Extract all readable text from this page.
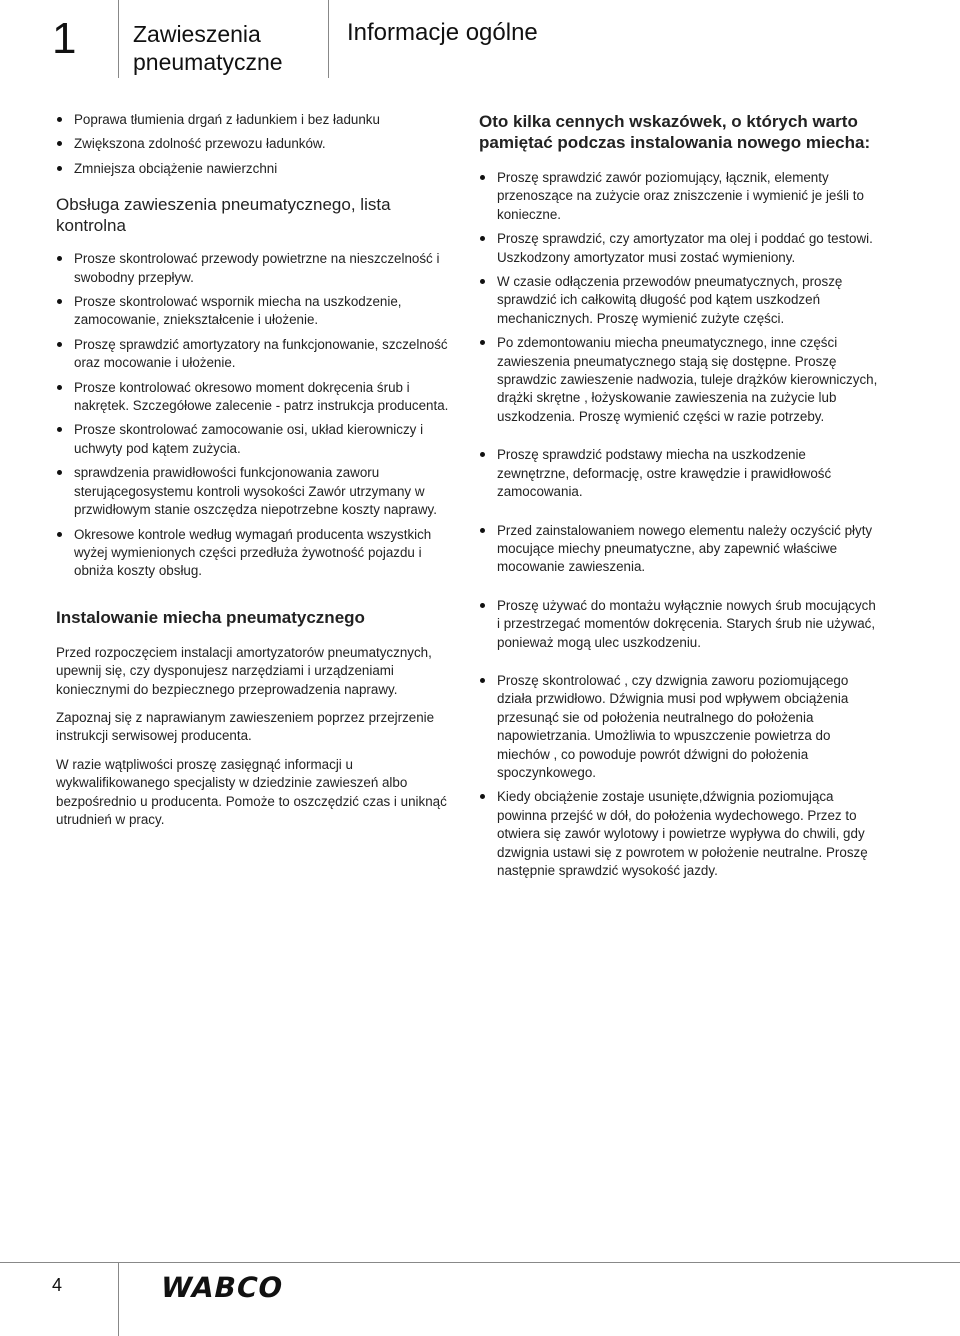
1 Zawieszenia pneumatyczne
Informacje ogólne
Poprawa tłumienia drgań z ładunkiem i bez ładunku
Zwiększona zdolność przewozu ładunków.
Zmniejsza obciążenie nawierzchni
Obsługa zawieszenia pneumatycznego, lista kontrolna
Prosze skontrolować przewody powietrzne na nieszczelność i swobodny przepływ.
Prosze skontrolować wspornik miecha na uszkodzenie, zamocowanie, zniekształcenie i ułożenie.
Proszę sprawdzić amortyzatory na funkcjonowanie, szczelność oraz mocowanie i ułożenie.
Prosze kontrolować okresowo moment dokręcenia śrub i nakrętek. Szczegółowe zalecenie - patrz instrukcja producenta.
Prosze skontrolować zamocowanie osi, układ kierowniczy i uchwyty pod kątem zużycia.
sprawdzenia prawidłowości funkcjonowania zaworu sterującegosystemu kontroli wysokości Zawór utrzymany w przwidłowym stanie oszczędza niepotrzebne koszty naprawy.
Okresowe kontrole według wymagań producenta wszystkich wyżej wymienionych części przedłuża żywotność pojazdu i obniża koszty obsług.
Instalowanie miecha pneumatycznego

Przed rozpoczęciem instalacji amortyzatorów pneumatycznych, upewnij się, czy dysponujesz narzędziami i urządzeniami koniecznymi do bezpiecznego przeprowadzenia naprawy.

Zapoznaj się z naprawianym zawieszeniem poprzez przejrzenie instrukcji serwisowej producenta.

W razie wątpliwości proszę zasięgnąć informacji u wykwalifikowanego specjalisty w dziedzinie zawieszeń albo bezpośrednio u producenta. Pomoże to oszczędzić czas i uniknąć utrudnień w pracy.

Oto kilka cennych wskazówek, o których warto pamiętać podczas instalowania nowego miecha:
Proszę sprawdzić zawór poziomujący, łącznik, elementy przenoszące na zużycie oraz zniszczenie i wymienić je jeśli to konieczne.
Proszę sprawdzić, czy amortyzator ma olej i poddać go testowi. Uszkodzony amortyzator musi zostać wymieniony.
W czasie odłączenia przewodów pneumatycznych, proszę sprawdzić ich całkowitą długość pod kątem uszkodzeń mechanicznych. Proszę wymienić zużyte części.
Po zdemontowaniu miecha pneumatycznego, inne części zawieszenia pneumatycznego stają się dostępne. Proszę sprawdzic zawieszenie nadwozia, tuleje drążków kierowniczych, drążki skrętne , łożyskowanie zawieszenia na zużycie lub uszkodzenia. Proszę wymienić części w razie potrzeby.
Proszę sprawdzić podstawy miecha na uszkodzenie zewnętrzne, deformację, ostre krawędzie i prawidłowość zamocowania.
Przed zainstalowaniem nowego elementu należy oczyścić płyty mocujące miechy pneumatyczne, aby zapewnić właściwe mocowanie zawieszenia.
Proszę używać do montażu wyłącznie nowych śrub mocujących i przestrzegać momentów dokręcenia. Starych śrub nie używać, ponieważ mogą ulec uszkodzeniu.
Proszę skontrolować , czy dzwignia zaworu poziomującego działa przwidłowo. Dźwignia musi pod wpływem obciążenia przesunąć sie od położenia neutralnego do położenia napowietrzania. Umożliwia to wpuszczenie powietrza do miechów , co powoduje powrót dźwigni do położenia spoczynkowego.
Kiedy obciążenie zostaje usunięte,dźwignia poziomująca powinna przejść w dół, do położenia wydechowego. Przez to otwiera się zawór wylotowy i powietrze wypływa do chwili, gdy dzwignia ustawi się z powrotem w położenie neutralne. Proszę następnie sprawdzić wysokość jazdy.
4	WABCO
